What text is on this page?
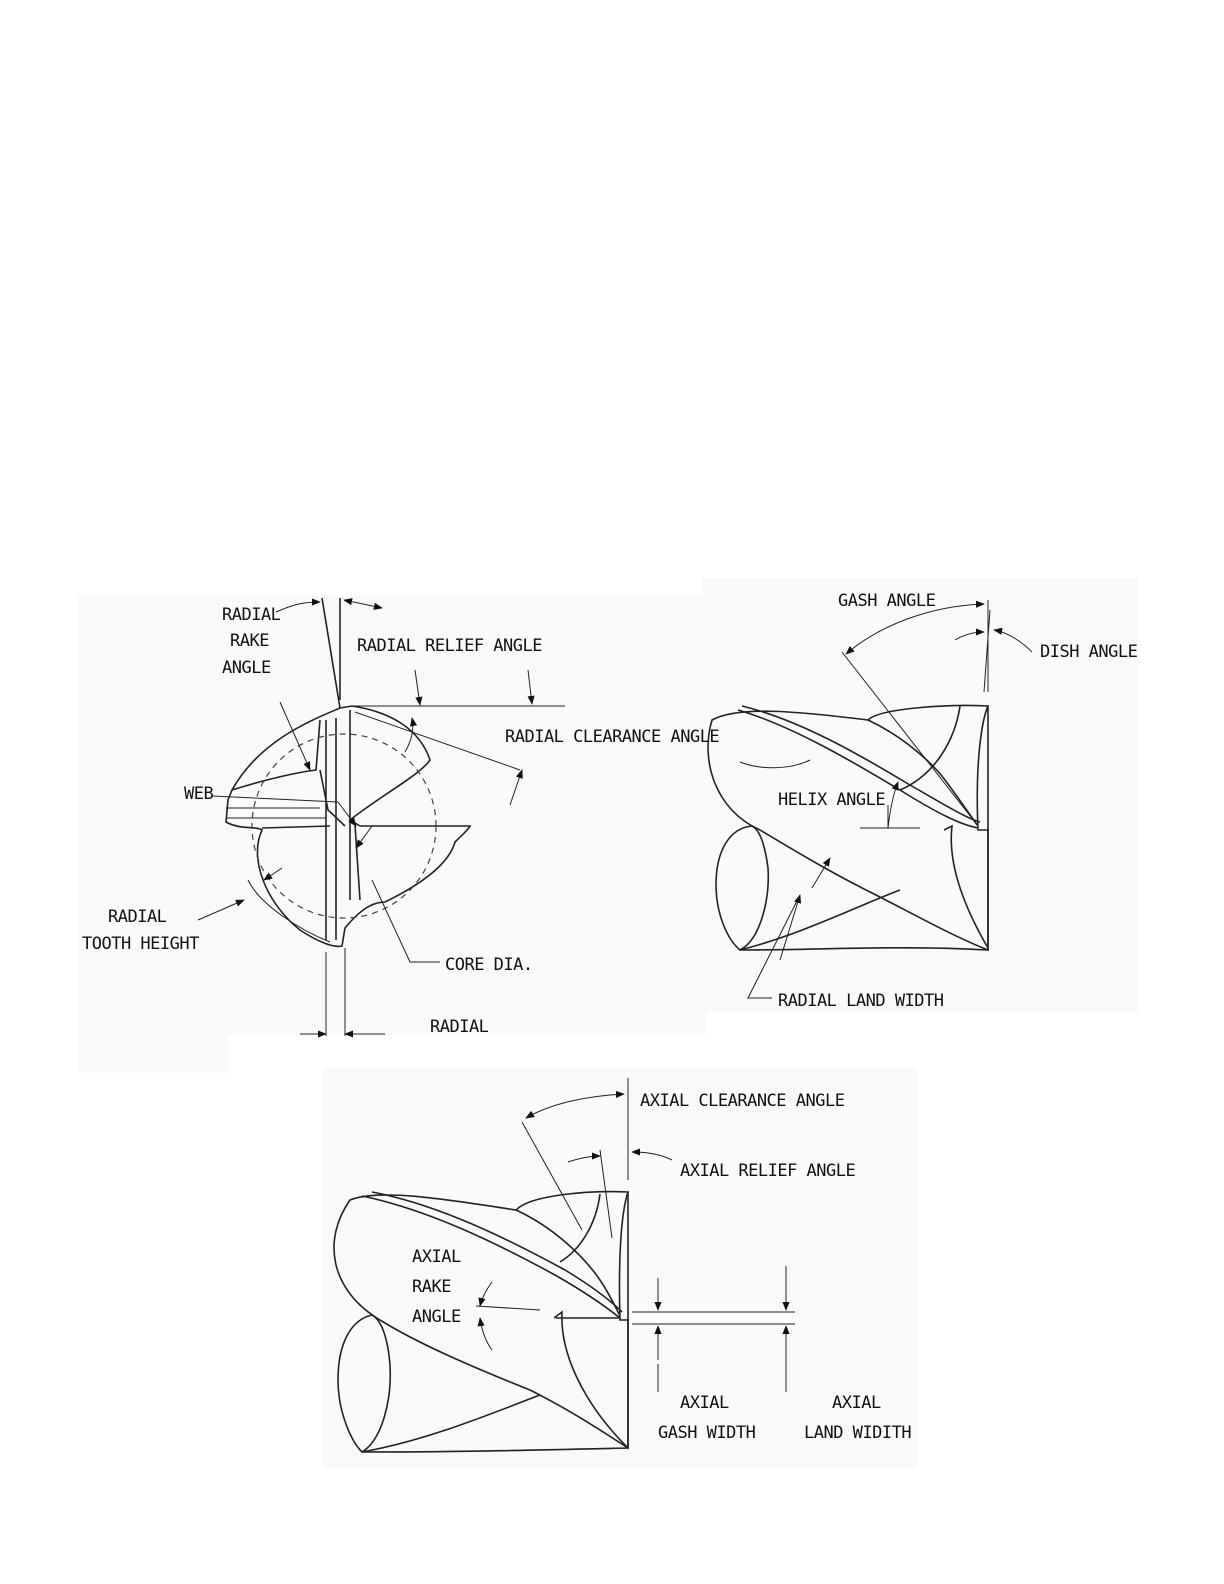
RADIAL
RAKE
ANGLE
RADIAL RELIEF ANGLE
RADIAL CLEARANCE ANGLE
WEB
RADIAL
TOOTH HEIGHT
CORE DIA.
RADIAL
GASH ANGLE
DISH ANGLE
HELIX ANGLE
RADIAL LAND WIDTH
AXIAL CLEARANCE ANGLE
AXIAL RELIEF ANGLE
AXIAL
RAKE
ANGLE
AXIAL
GASH WIDTH
AXIAL
LAND WIDITH
